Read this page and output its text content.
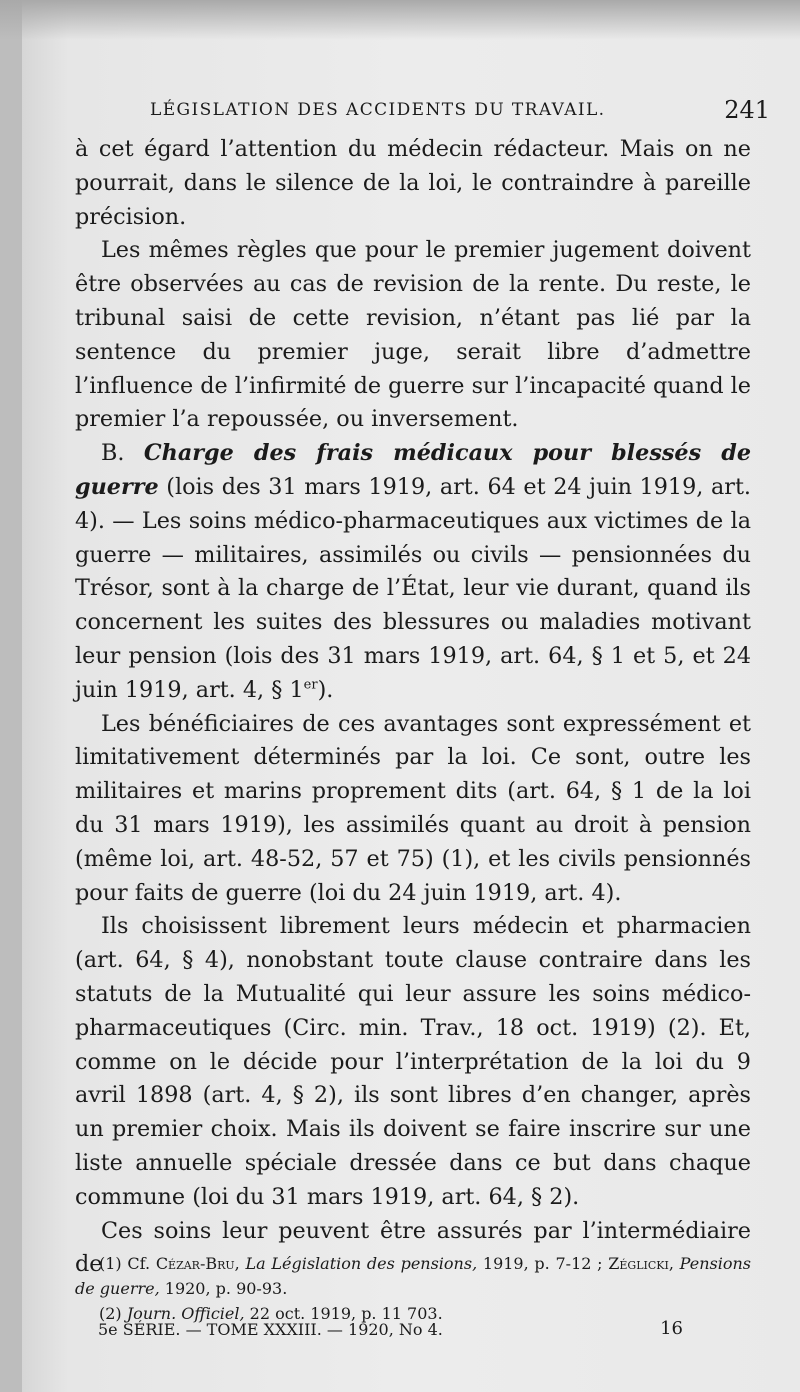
LÉGISLATION DES ACCIDENTS DU TRAVAIL.	241

à cet égard l’attention du médecin rédacteur. Mais on ne pourrait, dans le silence de la loi, le contraindre à pareille précision.

Les mêmes règles que pour le premier jugement doivent être observées au cas de revision de la rente. Du reste, le tribunal saisi de cette revision, n’étant pas lié par la sentence du premier juge, serait libre d’admettre l’influence de l’infirmité de guerre sur l’incapacité quand le premier l’a repoussée, ou inversement.

B. Charge des frais médicaux pour blessés de guerre (lois des 31 mars 1919, art. 64 et 24 juin 1919, art. 4). — Les soins médico-pharmaceutiques aux victimes de la guerre — militaires, assimilés ou civils — pensionnées du Trésor, sont à la charge de l’État, leur vie durant, quand ils concernent les suites des blessures ou maladies motivant leur pension (lois des 31 mars 1919, art. 64, § 1 et 5, et 24 juin 1919, art. 4, § 1er).

Les bénéficiaires de ces avantages sont expressément et limitativement déterminés par la loi. Ce sont, outre les militaires et marins proprement dits (art. 64, § 1 de la loi du 31 mars 1919), les assimilés quant au droit à pension (même loi, art. 48-52, 57 et 75) (1), et les civils pensionnés pour faits de guerre (loi du 24 juin 1919, art. 4).

Ils choisissent librement leurs médecin et pharmacien (art. 64, § 4), nonobstant toute clause contraire dans les statuts de la Mutualité qui leur assure les soins médico-pharmaceutiques (Circ. min. Trav., 18 oct. 1919) (2). Et, comme on le décide pour l’interprétation de la loi du 9 avril 1898 (art. 4, § 2), ils sont libres d’en changer, après un premier choix. Mais ils doivent se faire inscrire sur une liste annuelle spéciale dressée dans ce but dans chaque commune (loi du 31 mars 1919, art. 64, § 2).

Ces soins leur peuvent être assurés par l’intermédiaire de

(1) Cf. Cézar-Bru, La Législation des pensions, 1919, p. 7-12 ; Zéglicki, Pensions de guerre, 1920, p. 90-93.

(2) Journ. Officiel, 22 oct. 1919, p. 11 703.

5e SÉRIE. — TOME XXXIII. — 1920, No 4.	16
